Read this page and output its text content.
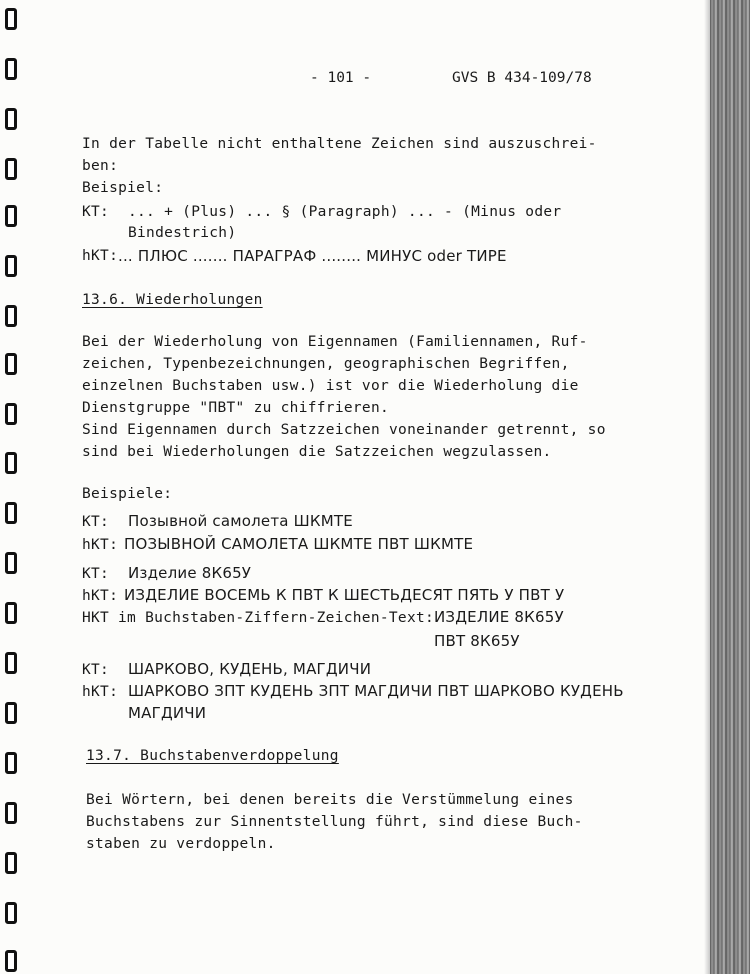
- 101 -	GVS B 434-109/78
In der Tabelle nicht enthaltene Zeichen sind auszuschrei-
ben:
Beispiel:
KT: ... + (Plus) ... § (Paragraph) ... - (Minus oder
Bindestrich)
hKT: ... ПЛЮС ....... ПАРАГРАФ ........ МИНУС oder ТИРЕ
13.6. Wiederholungen
Bei der Wiederholung von Eigennamen (Familiennamen, Ruf-
zeichen, Typenbezeichnungen, geographischen Begriffen,
einzelnen Buchstaben usw.) ist vor die Wiederholung die
Dienstgruppe "ПВТ" zu chiffrieren.
Sind Eigennamen durch Satzzeichen voneinander getrennt, so
sind bei Wiederholungen die Satzzeichen wegzulassen.
Beispiele:
KT: Позывной самолета ШКМТЕ
hKT: ПОЗЫВНОЙ САМОЛЕТА ШКМТЕ ПВТ ШКМТЕ
KT: Изделие 8К65У
hKT: ИЗДЕЛИЕ ВОСЕМЬ К ПВТ К ШЕСТЬДЕСЯТ ПЯТЬ У ПВТ У
HKT im Buchstaben-Ziffern-Zeichen-Text: ИЗДЕЛИЕ 8К65У
ПВТ 8К65У
KT: ШАРКОВО, КУДЕНЬ, МАГДИЧИ
hKT: ШАРКОВО ЗПТ КУДЕНЬ ЗПТ МАГДИЧИ ПВТ ШАРКОВО КУДЕНЬ
МАГДИЧИ
13.7. Buchstabenverdoppelung
Bei Wörtern, bei denen bereits die Verstümmelung eines
Buchstabens zur Sinnentstellung führt, sind diese Buch-
staben zu verdoppeln.
